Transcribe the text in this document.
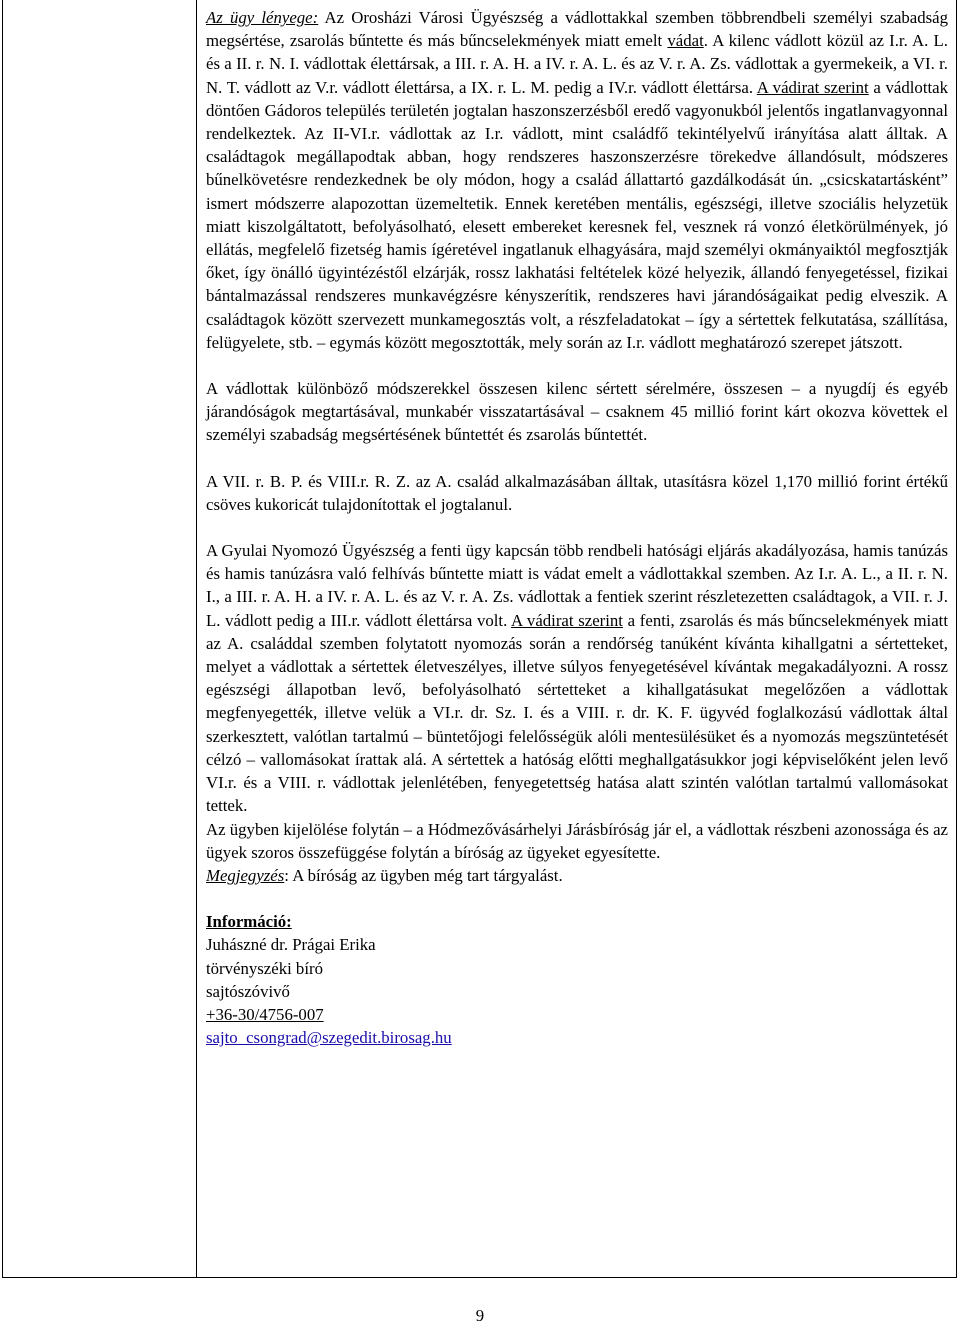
Az ügy lényege: Az Orosházi Városi Ügyészség a vádlottakkal szemben többrendbeli személyi szabadság megsértése, zsarolás bűntette és más bűncselekmények miatt emelt vádat. A kilenc vádlott közül az I.r. A. L. és a II. r. N. I. vádlottak élettársak, a III. r. A. H. a IV. r. A. L. és az V. r. A. Zs. vádlottak a gyermekeik, a VI. r. N. T. vádlott az V.r. vádlott élettársa, a IX. r. L. M. pedig a IV.r. vádlott élettársa. A vádirat szerint a vádlottak döntően Gádoros település területén jogtalan haszonszerzésből eredő vagyonukból jelentős ingatlanvagyonnal rendelkeztek. Az II-VI.r. vádlottak az I.r. vádlott, mint családfő tekintélyelvű irányítása alatt álltak. A családtagok megállapodtak abban, hogy rendszeres haszonszerzésre törekedve állandósult, módszeres bűnelkövetésre rendezkednek be oly módon, hogy a család állattartó gazdálkodását ún. „csicskatartásként” ismert módszerre alapozottan üzemeltetik. Ennek keretében mentális, egészségi, illetve szociális helyzetük miatt kiszolgáltatott, befolyásolható, elesett embereket keresnek fel, vesznek rá vonzó életkörülmények, jó ellátás, megfelelő fizetség hamis ígéretével ingatlanuk elhagyására, majd személyi okmányaiktól megfosztják őket, így önálló ügyintézéstől elzárják, rossz lakhatási feltételek közé helyezik, állandó fenyegetéssel, fizikai bántalmazással rendszeres munkavégzésre kényszerítik, rendszeres havi járandóságaikat pedig elveszik. A családtagok között szervezett munkamegosztás volt, a részfeladatokat – így a sértettek felkutatása, szállítása, felügyelete, stb. – egymás között megosztották, mely során az I.r. vádlott meghatározó szerepet játszott.

A vádlottak különböző módszerekkel összesen kilenc sértett sérelmére, összesen – a nyugdíj és egyéb járandóságok megtartásával, munkabér visszatartásával – csaknem 45 millió forint kárt okozva követtek el személyi szabadság megsértésének bűntettét és zsarolás bűntettét.

A VII. r. B. P. és VIII.r. R. Z. az A. család alkalmazásában álltak, utasításra közel 1,170 millió forint értékű csöves kukoricát tulajdonítottak el jogtalanul.

A Gyulai Nyomozó Ügyészség a fenti ügy kapcsán több rendbeli hatósági eljárás akadályozása, hamis tanúzás és hamis tanúzásra való felhívás bűntette miatt is vádat emelt a vádlottakkal szemben. Az I.r. A. L., a II. r. N. I., a III. r. A. H. a IV. r. A. L. és az V. r. A. Zs. vádlottak a fentiek szerint részletezetten családtagok, a VII. r. J. L. vádlott pedig a III.r. vádlott élettársa volt. A vádirat szerint a fenti, zsarolás és más bűncselekmények miatt az A. családdal szemben folytatott nyomozás során a rendőrség tanúként kívánta kihallgatni a sértetteket, melyet a vádlottak a sértettek életveszélyes, illetve súlyos fenyegetésével kívántak megakadályozni. A rossz egészségi állapotban levő, befolyásolható sértetteket a kihallgatásukat megelőzően a vádlottak megfenyegették, illetve velük a VI.r. dr. Sz. I. és a VIII. r. dr. K. F. ügyvéd foglalkozású vádlottak által szerkesztett, valótlan tartalmú – büntetőjogi felelősségük alóli mentesülésüket és a nyomozás megszüntetését célzó – vallomásokat írattak alá. A sértettek a hatóság előtti meghallgatásukkor jogi képviselőként jelen levő VI.r. és a VIII. r. vádlottak jelenlétében, fenyegetettség hatása alatt szintén valótlan tartalmú vallomásokat tettek.

Az ügyben kijelölése folytán – a Hódmezővásárhelyi Járásbíróság jár el, a vádlottak részbeni azonossága és az ügyek szoros összefüggése folytán a bíróság az ügyeket egyesítette.

Megjegyzés: A bíróság az ügyben még tart tárgyalást.

Információ:
Juhászné dr. Prágai Erika
törvényszéki bíró
sajtószóvivő
+36-30/4756-007
sajto_csongrad@szegedit.birosag.hu
9
